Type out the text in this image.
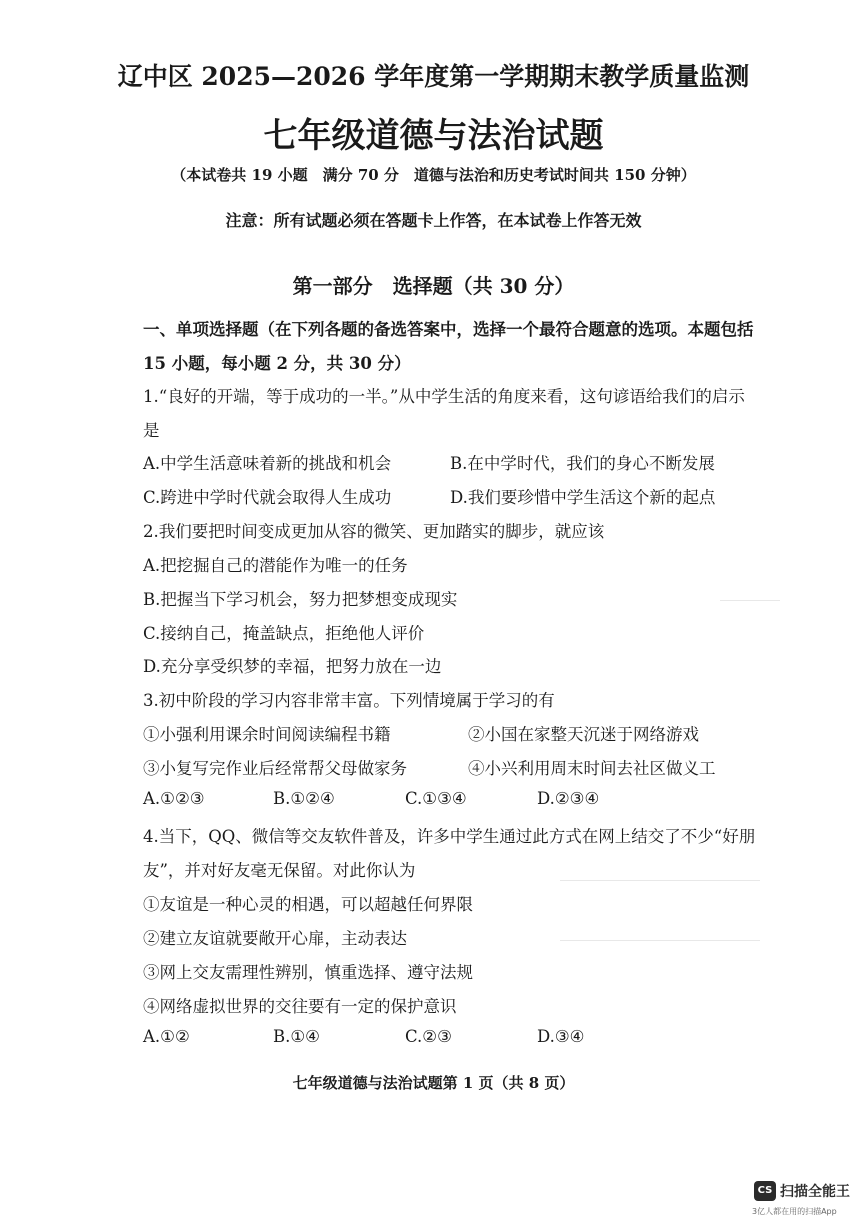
辽中区 2025—2026 学年度第一学期期末教学质量监测
七年级道德与法治试题
（本试卷共 19 小题　满分 70 分　道德与法治和历史考试时间共 150 分钟）
注意：所有试题必须在答题卡上作答，在本试卷上作答无效
第一部分　选择题（共 30 分）
一、单项选择题（在下列各题的备选答案中，选择一个最符合题意的选项。本题包括
15 小题，每小题 2 分，共 30 分）
1.“良好的开端，等于成功的一半。”从中学生活的角度来看，这句谚语给我们的启示
是
A.中学生活意味着新的挑战和机会	B.在中学时代，我们的身心不断发展
C.跨进中学时代就会取得人生成功	D.我们要珍惜中学生活这个新的起点
2.我们要把时间变成更加从容的微笑、更加踏实的脚步，就应该
A.把挖掘自己的潜能作为唯一的任务
B.把握当下学习机会，努力把梦想变成现实
C.接纳自己，掩盖缺点，拒绝他人评价
D.充分享受织梦的幸福，把努力放在一边
3.初中阶段的学习内容非常丰富。下列情境属于学习的有
①小强利用课余时间阅读编程书籍	②小国在家整天沉迷于网络游戏
③小复写完作业后经常帮父母做家务	④小兴利用周末时间去社区做义工
A.①②③	B.①②④	C.①③④	D.②③④
4.当下，QQ、微信等交友软件普及，许多中学生通过此方式在网上结交了不少“好朋
友”，并对好友毫无保留。对此你认为
①友谊是一种心灵的相遇，可以超越任何界限
②建立友谊就要敞开心扉，主动表达
③网上交友需理性辨别，慎重选择、遵守法规
④网络虚拟世界的交往要有一定的保护意识
A.①②	B.①④	C.②③	D.③④
七年级道德与法治试题第 1 页（共 8 页）
CS 扫描全能王
3亿人都在用的扫描App
